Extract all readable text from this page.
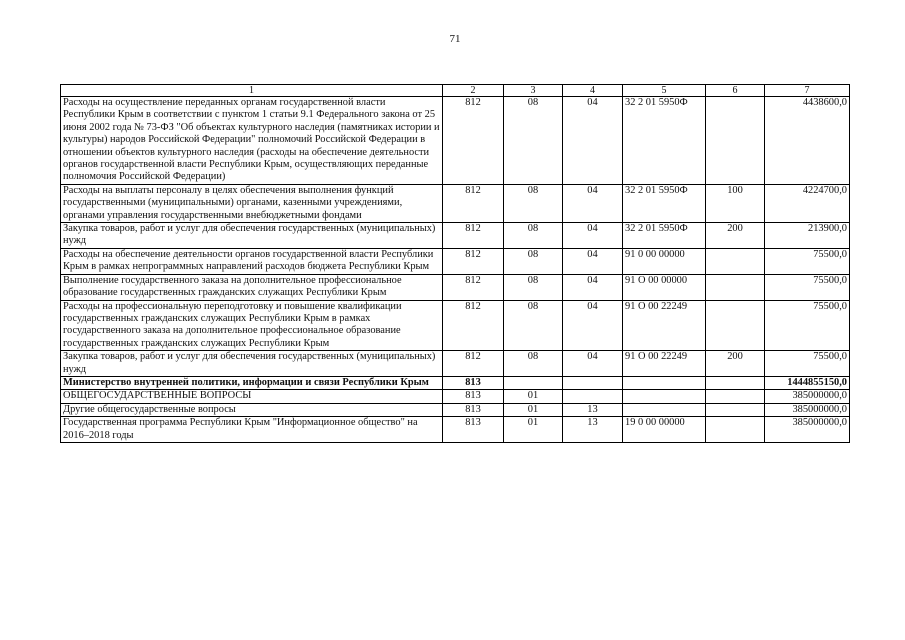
71
1	2	3	4	5	6	7
Расходы на осуществление переданных органам государственной власти Республики Крым в соответствии с пунктом 1 статьи 9.1 Федерального закона от 25 июня 2002 года № 73-ФЗ "Об объектах культурного наследия (памятниках истории и культуры) народов Российской Федерации" полномочий Российской Федерации в отношении объектов культурного наследия (расходы на обеспечение деятельности органов государственной власти Республики Крым, осуществляющих переданные полномочия Российской Федерации)	812	08	04	32 2 01 5950Ф		4438600,0
Расходы на выплаты персоналу в целях обеспечения выполнения функций государственными (муниципальными) органами, казенными учреждениями, органами управления государственными внебюджетными фондами	812	08	04	32 2 01 5950Ф	100	4224700,0
Закупка товаров, работ и услуг для обеспечения государственных (муниципальных) нужд	812	08	04	32 2 01 5950Ф	200	213900,0
Расходы на обеспечение деятельности органов государственной власти Республики Крым в рамках непрограммных направлений расходов бюджета Республики Крым	812	08	04	91 0 00 00000		75500,0
Выполнение государственного заказа на дополнительное профессиональное образование государственных гражданских служащих Республики Крым	812	08	04	91 О 00 00000		75500,0
Расходы на профессиональную переподготовку и повышение квалификации государственных гражданских служащих Республики Крым в рамках государственного заказа на дополнительное профессиональное образование государственных гражданских служащих Республики Крым	812	08	04	91 О 00 22249		75500,0
Закупка товаров, работ и услуг для обеспечения государственных (муниципальных) нужд	812	08	04	91 О 00 22249	200	75500,0
Министерство внутренней политики, информации и связи Республики Крым	813					1444855150,0
ОБЩЕГОСУДАРСТВЕННЫЕ ВОПРОСЫ	813	01				385000000,0
Другие общегосударственные вопросы	813	01	13			385000000,0
Государственная программа Республики Крым "Информационное общество" на 2016–2018 годы	813	01	13	19 0 00 00000		385000000,0
